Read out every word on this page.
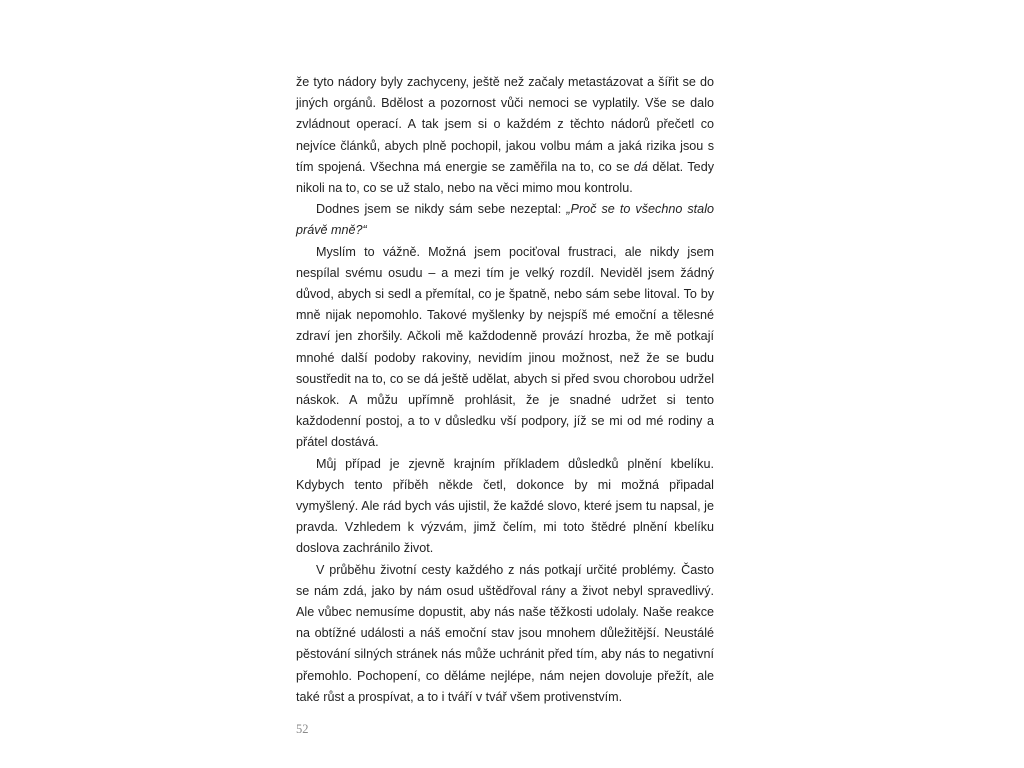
že tyto nádory byly zachyceny, ještě než začaly metastázovat a šířit se do jiných orgánů. Bdělost a pozornost vůči nemoci se vyplatily. Vše se dalo zvládnout operací. A tak jsem si o každém z těchto nádorů přečetl co nejvíce článků, abych plně pochopil, jakou volbu mám a jaká rizika jsou s tím spojená. Všechna má energie se zaměřila na to, co se dá dělat. Tedy nikoli na to, co se už stalo, nebo na věci mimo mou kontrolu.

Dodnes jsem se nikdy sám sebe nezeptal: „Proč se to všechno stalo právě mně?“

Myslím to vážně. Možná jsem pociťoval frustraci, ale nikdy jsem nespílal svému osudu – a mezi tím je velký rozdíl. Neviděl jsem žádný důvod, abych si sedl a přemítal, co je špatně, nebo sám sebe litoval. To by mně nijak nepomohlo. Takové myšlenky by nejspíš mé emoční a tělesné zdraví jen zhoršily. Ačkoli mě každodenně provází hrozba, že mě potkají mnohé další podoby rakoviny, nevidím jinou možnost, než že se budu soustředit na to, co se dá ještě udělat, abych si před svou chorobou udržel náskok. A můžu upřímně prohlásit, že je snadné udržet si tento každodenní postoj, a to v důsledku vší podpory, jíž se mi od mé rodiny a přátel dostává.

Můj případ je zjevně krajním příkladem důsledků plnění kbelíku. Kdybych tento příběh někde četl, dokonce by mi možná připadal vymyšlený. Ale rád bych vás ujistil, že každé slovo, které jsem tu napsal, je pravda. Vzhledem k výzvám, jimž čelím, mi toto štědré plnění kbelíku doslova zachránilo život.

V průběhu životní cesty každého z nás potkají určité problémy. Často se nám zdá, jako by nám osud uštědřoval rány a život nebyl spravedlivý. Ale vůbec nemusíme dopustit, aby nás naše těžkosti udolaly. Naše reakce na obtížné události a náš emoční stav jsou mnohem důležitější. Neustálé pěstování silných stránek nás může uchránit před tím, aby nás to negativní přemohlo. Pochopení, co děláme nejlépe, nám nejen dovoluje přežít, ale také růst a prospívat, a to i tváří v tvář všem protivenstvím.

52
